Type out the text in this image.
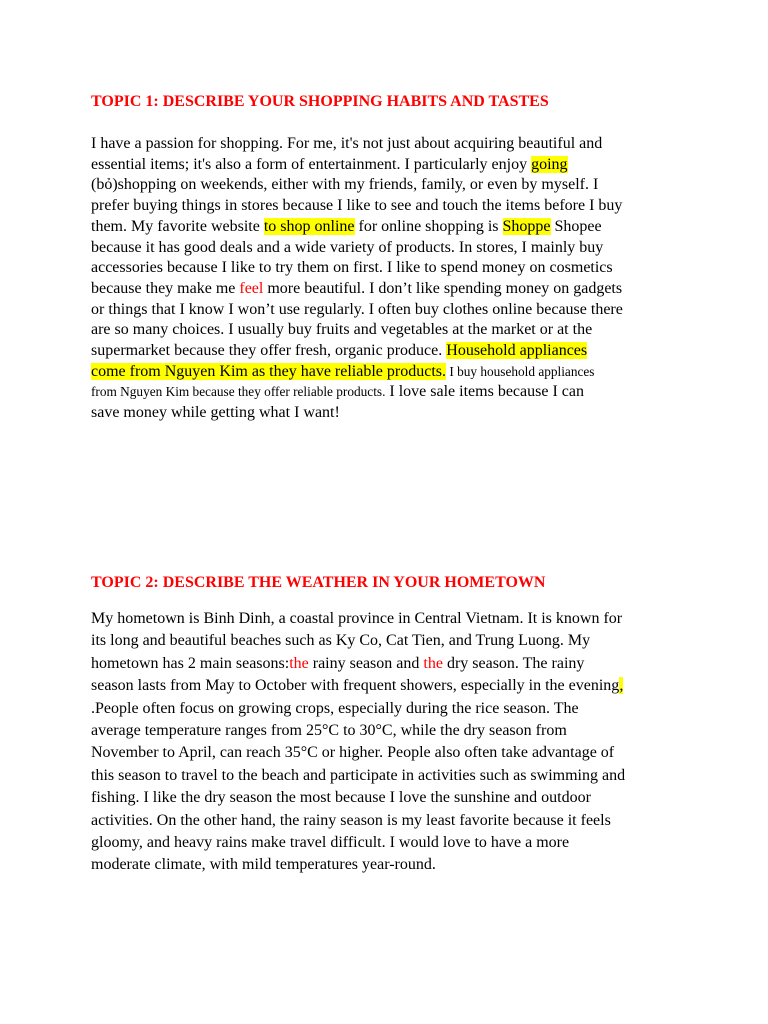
TOPIC 1: DESCRIBE YOUR SHOPPING HABITS AND TASTES
I have a passion for shopping. For me, it's not just about acquiring beautiful and
essential items; it's also a form of entertainment. I particularly enjoy going
(bỏ)shopping on weekends, either with my friends, family, or even by myself. I
prefer buying things in stores because I like to see and touch the items before I buy
them. My favorite website to shop online for online shopping is Shoppe Shopee
because it has good deals and a wide variety of products. In stores, I mainly buy
accessories because I like to try them on first. I like to spend money on cosmetics
because they make me feel more beautiful. I don’t like spending money on gadgets
or things that I know I won’t use regularly. I often buy clothes online because there
are so many choices. I usually buy fruits and vegetables at the market or at the
supermarket because they offer fresh, organic produce. Household appliances
come from Nguyen Kim as they have reliable products. I buy household appliances
from Nguyen Kim because they offer reliable products. I love sale items because I can
save money while getting what I want!
TOPIC 2: DESCRIBE THE WEATHER IN YOUR HOMETOWN
My hometown is Binh Dinh, a coastal province in Central Vietnam. It is known for
its long and beautiful beaches such as Ky Co, Cat Tien, and Trung Luong. My
hometown has 2 main seasons:the rainy season and the dry season. The rainy
season lasts from May to October with frequent showers, especially in the evening,
.People often focus on growing crops, especially during the rice season. The
average temperature ranges from 25°C to 30°C, while the dry season from
November to April, can reach 35°C or higher. People also often take advantage of
this season to travel to the beach and participate in activities such as swimming and
fishing. I like the dry season the most because I love the sunshine and outdoor
activities. On the other hand, the rainy season is my least favorite because it feels
gloomy, and heavy rains make travel difficult. I would love to have a more
moderate climate, with mild temperatures year-round.
